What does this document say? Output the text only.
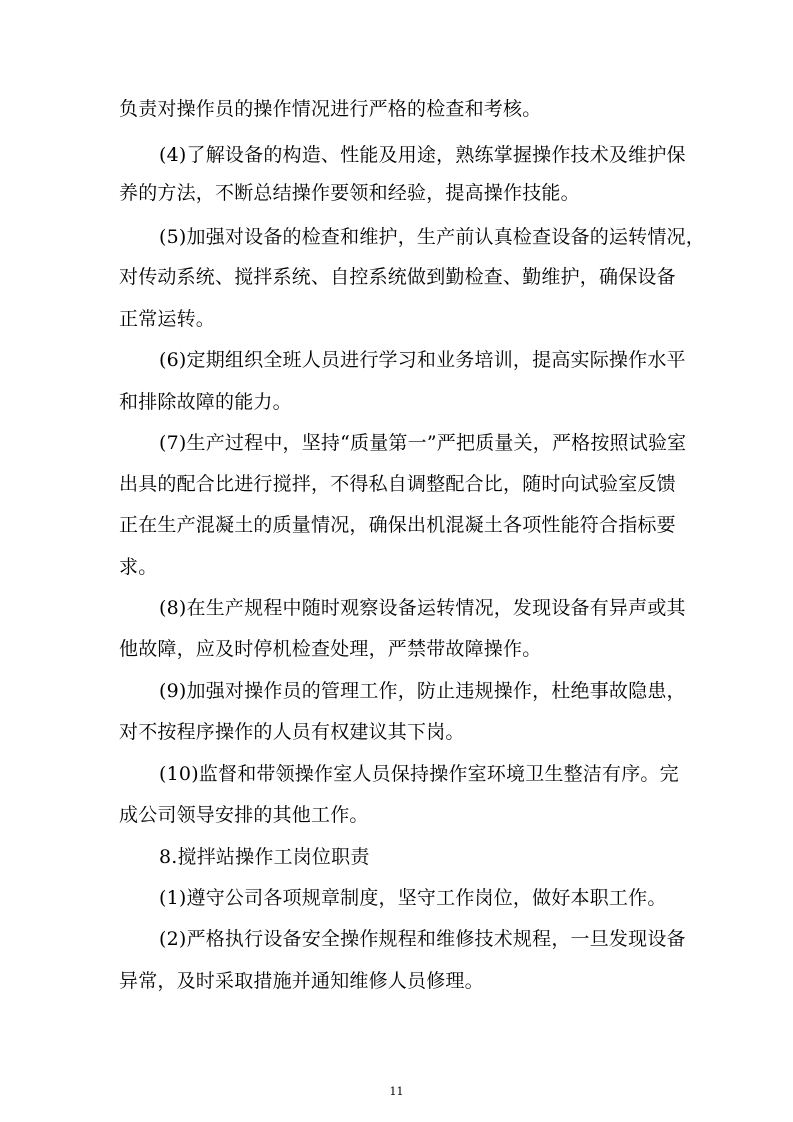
负责对操作员的操作情况进行严格的检查和考核。
(4)了解设备的构造、性能及用途，熟练掌握操作技术及维护保
养的方法，不断总结操作要领和经验，提高操作技能。
(5)加强对设备的检查和维护，生产前认真检查设备的运转情况，
对传动系统、搅拌系统、自控系统做到勤检查、勤维护，确保设备
正常运转。
(6)定期组织全班人员进行学习和业务培训，提高实际操作水平
和排除故障的能力。
(7)生产过程中，坚持“质量第一”严把质量关，严格按照试验室
出具的配合比进行搅拌，不得私自调整配合比，随时向试验室反馈
正在生产混凝土的质量情况，确保出机混凝土各项性能符合指标要
求。
(8)在生产规程中随时观察设备运转情况，发现设备有异声或其
他故障，应及时停机检查处理，严禁带故障操作。
(9)加强对操作员的管理工作，防止违规操作，杜绝事故隐患，
对不按程序操作的人员有权建议其下岗。
(10)监督和带领操作室人员保持操作室环境卫生整洁有序。完
成公司领导安排的其他工作。
8.搅拌站操作工岗位职责
(1)遵守公司各项规章制度，坚守工作岗位，做好本职工作。
(2)严格执行设备安全操作规程和维修技术规程，一旦发现设备
异常，及时采取措施并通知维修人员修理。
11
